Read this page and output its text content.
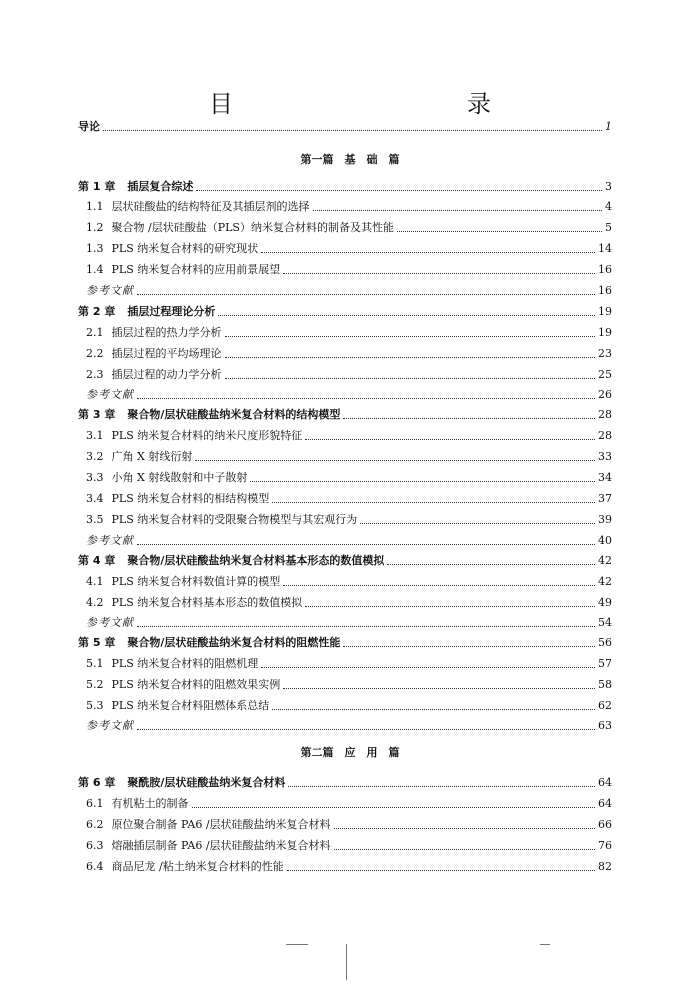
目　　录
导论	1
第一篇　基　础　篇
第 1 章 插层复合综述	3
1.1 层状硅酸盐的结构特征及其插层剂的选择	4
1.2 聚合物 /层状硅酸盐（PLS）纳米复合材料的制备及其性能	5
1.3 PLS 纳米复合材料的研究现状	14
1.4 PLS 纳米复合材料的应用前景展望	16
参考文献	16
第 2 章 插层过程理论分析	19
2.1 插层过程的热力学分析	19
2.2 插层过程的平均场理论	23
2.3 插层过程的动力学分析	25
参考文献	26
第 3 章 聚合物/层状硅酸盐纳米复合材料的结构模型	28
3.1 PLS 纳米复合材料的纳米尺度形貌特征	28
3.2 广角 X 射线衍射	33
3.3 小角 X 射线散射和中子散射	34
3.4 PLS 纳米复合材料的相结构模型	37
3.5 PLS 纳米复合材料的受限聚合物模型与其宏观行为	39
参考文献	40
第 4 章 聚合物/层状硅酸盐纳米复合材料基本形态的数值模拟	42
4.1 PLS 纳米复合材料数值计算的模型	42
4.2 PLS 纳米复合材料基本形态的数值模拟	49
参考文献	54
第 5 章 聚合物/层状硅酸盐纳米复合材料的阻燃性能	56
5.1 PLS 纳米复合材料的阻燃机理	57
5.2 PLS 纳米复合材料的阻燃效果实例	58
5.3 PLS 纳米复合材料阻燃体系总结	62
参考文献	63
第二篇　应　用　篇
第 6 章 聚酰胺/层状硅酸盐纳米复合材料	64
6.1 有机粘土的制备	64
6.2 原位聚合制备 PA6 /层状硅酸盐纳米复合材料	66
6.3 熔融插层制备 PA6 /层状硅酸盐纳米复合材料	76
6.4 商品尼龙 /粘土纳米复合材料的性能	82
